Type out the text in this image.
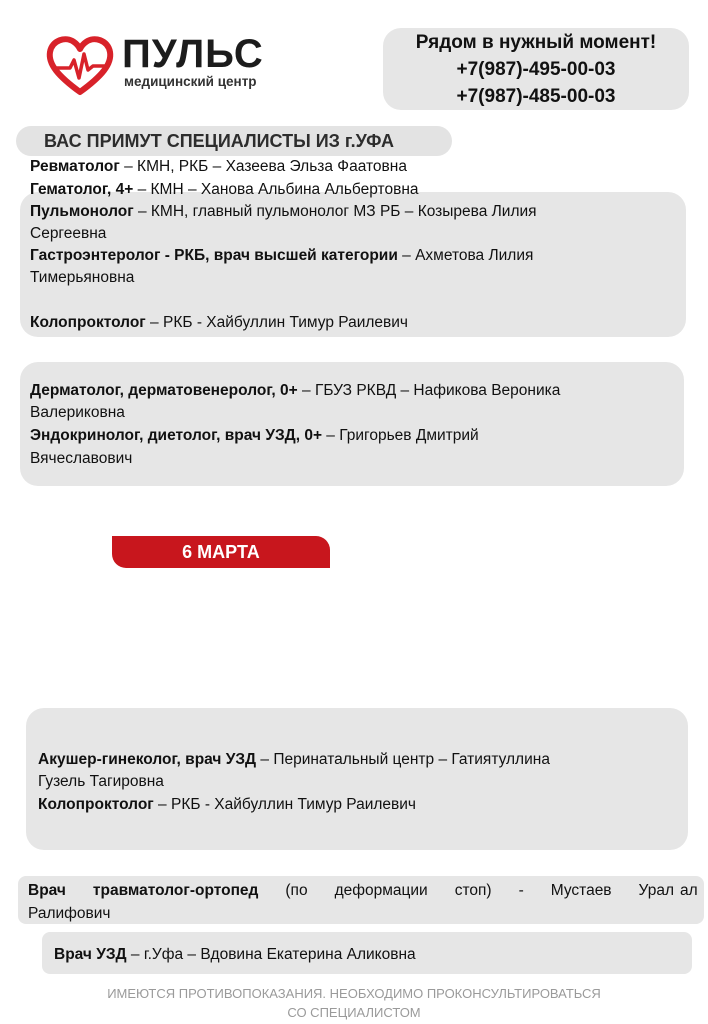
ПУЛЬС
медицинский центр
Рядом в нужный момент!
+7(987)-495-00-03
+7(987)-485-00-03
ВАС ПРИМУТ СПЕЦИАЛИСТЫ ИЗ г.УФА
Ревматолог – КМН, РКБ – Хазеева Эльза Фаатовна
Гематолог, 4+ – КМН – Ханова Альбина Альбертовна
Пульмонолог – КМН, главный пульмонолог МЗ РБ – Козырева Лилия
Сергеевна
Гастроэнтеролог - РКБ, врач высшей категории – Ахметова Лилия
Тимерьяновна
Колопроктолог – РКБ - Хайбуллин Тимур Раилевич
Дерматолог, дерматовенеролог, 0+ – ГБУЗ РКВД – Нафикова Вероника
Валериковна
Эндокринолог, диетолог, врач УЗД, 0+ – Григорьев Дмитрий
Вячеславович
6 МАРТА
Акушер-гинеколог, врач УЗД – Перинатальный центр – Гатиятуллина
Гузель Тагировна
Колопроктолог – РКБ - Хайбуллин Тимур Раилевич
Врач травматолог-ортопед (по деформации стоп) - Мустаев Урал ал
Ралифович
Врач УЗД – г.Уфа – Вдовина Екатерина Аликовна
ИМЕЮТСЯ ПРОТИВОПОКАЗАНИЯ. НЕОБХОДИМО ПРОКОНСУЛЬТИРОВАТЬСЯ
СО СПЕЦИАЛИСТОМ
